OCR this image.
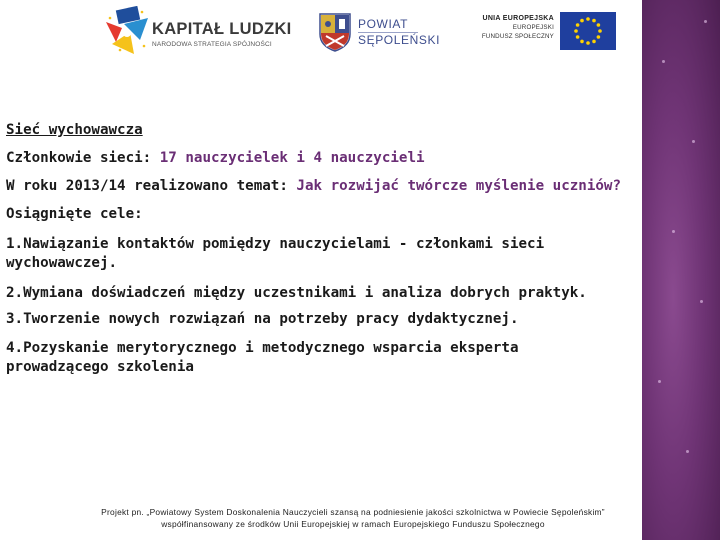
KAPITAŁ LUDZKI
NARODOWA STRATEGIA SPÓJNOŚCI
POWIAT
SĘPOLEŃSKI
UNIA EUROPEJSKA
EUROPEJSKI
FUNDUSZ SPOŁECZNY
Sieć wychowawcza
Członkowie sieci: 17 nauczycielek i 4 nauczycieli
W roku 2013/14 realizowano temat: Jak rozwijać twórcze myślenie uczniów?
Osiągnięte cele:
1.Nawiązanie kontaktów pomiędzy nauczycielami - członkami sieci wychowawczej.
2.Wymiana doświadczeń między uczestnikami i analiza dobrych praktyk.
3.Tworzenie nowych rozwiązań na potrzeby pracy dydaktycznej.
4.Pozyskanie merytorycznego i metodycznego wsparcia eksperta prowadzącego szkolenia
Projekt pn. „Powiatowy System Doskonalenia Nauczycieli szansą na podniesienie jakości szkolnictwa w Powiecie Sępoleńskim”
współfinansowany ze środków Unii Europejskiej w ramach Europejskiego Funduszu Społecznego
